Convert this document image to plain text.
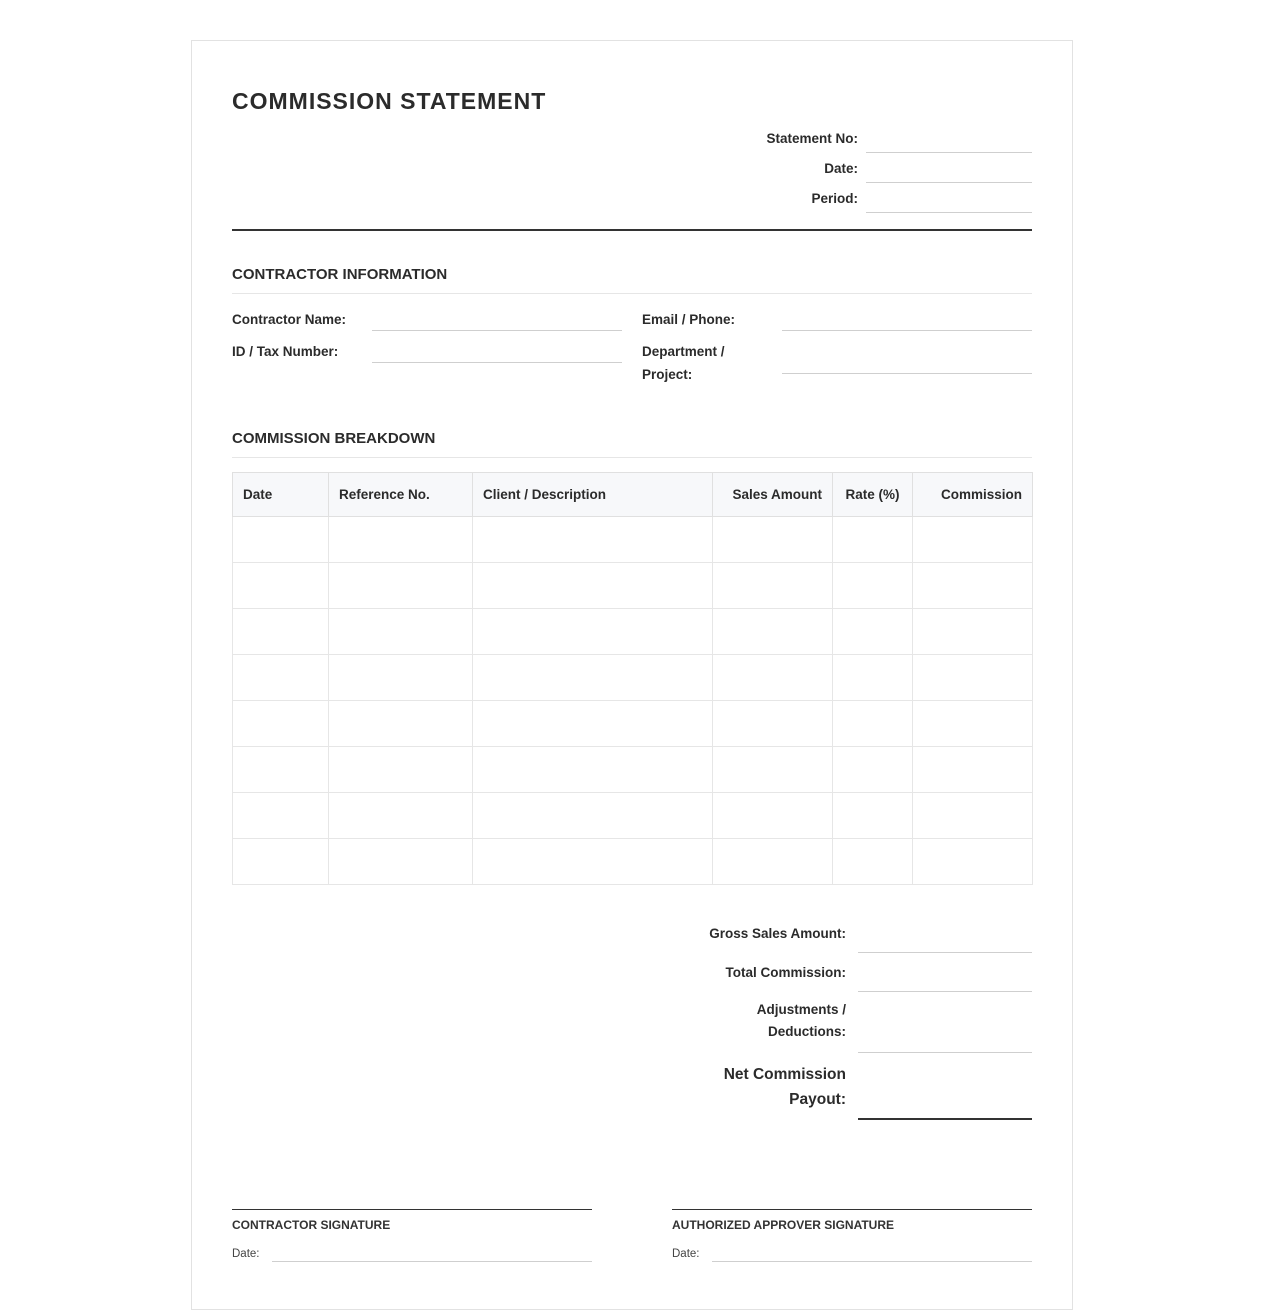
COMMISSION STATEMENT
Statement No:
Date:
Period:
CONTRACTOR INFORMATION
Contractor Name:
ID / Tax Number:
Email / Phone:
Department /
Project:
COMMISSION BREAKDOWN
Date	Reference No.	Client / Description	Sales Amount	Rate (%)	Commission

Gross Sales Amount:
Total Commission:
Adjustments /
Deductions:
Net Commission
Payout:
CONTRACTOR SIGNATURE
Date:
AUTHORIZED APPROVER SIGNATURE
Date:
